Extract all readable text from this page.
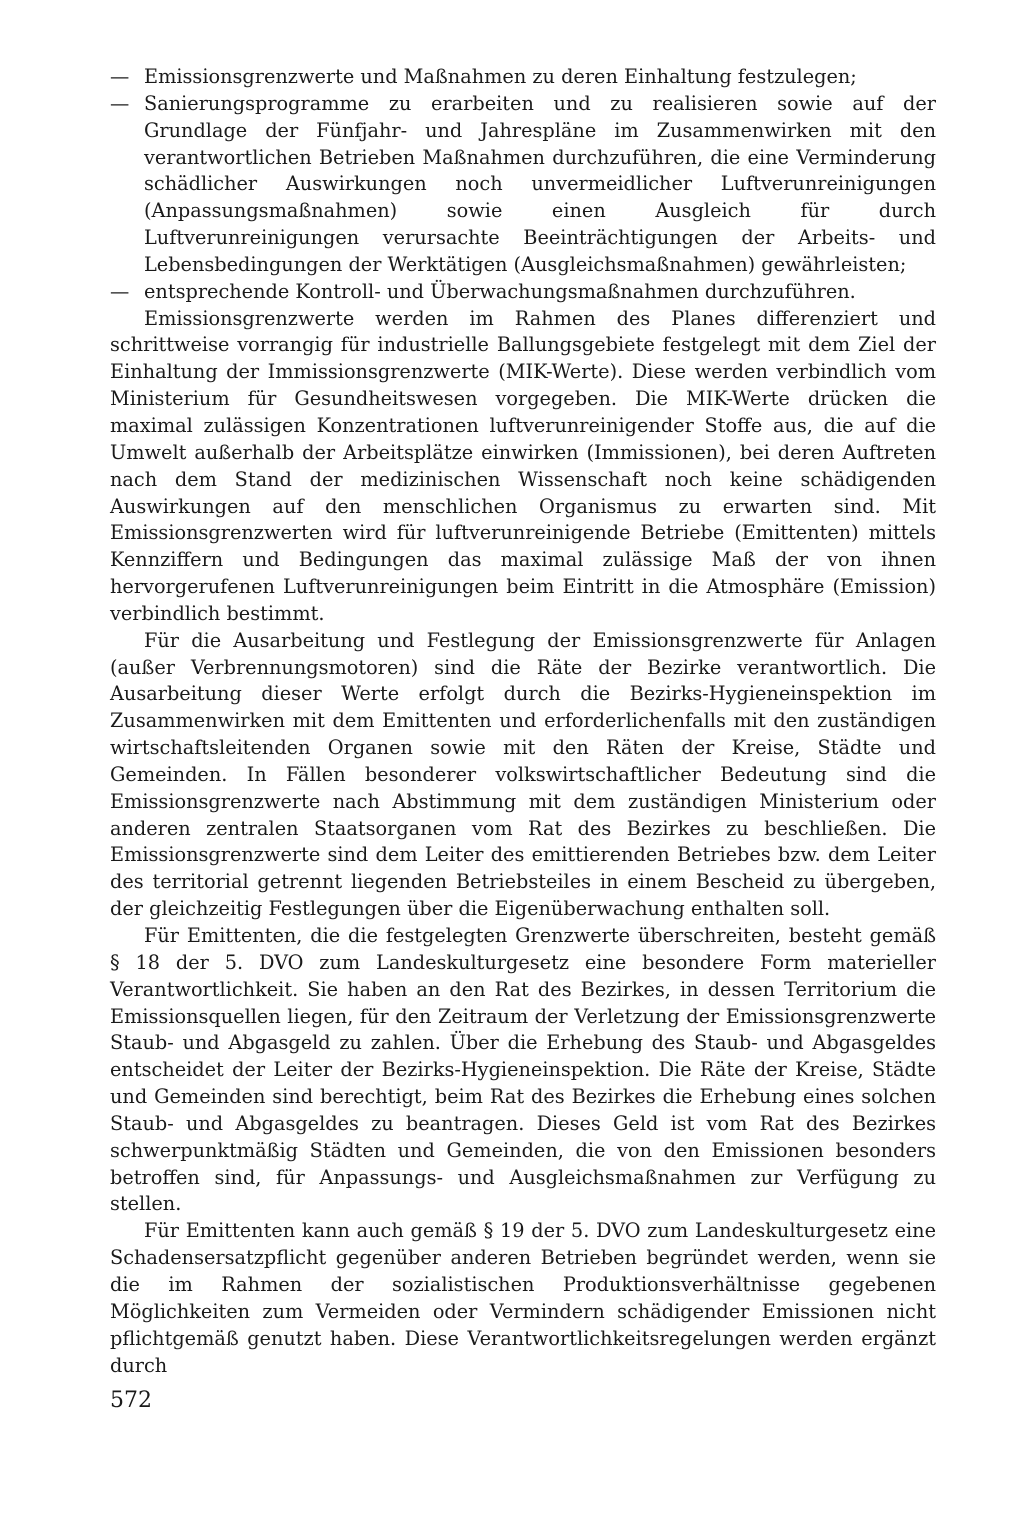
— Emissionsgrenzwerte und Maßnahmen zu deren Einhaltung festzulegen;
— Sanierungsprogramme zu erarbeiten und zu realisieren sowie auf der Grundlage der Fünfjahr- und Jahrespläne im Zusammenwirken mit den verantwortlichen Betrieben Maßnahmen durchzuführen, die eine Verminderung schädlicher Auswirkungen noch unvermeidlicher Luftverunreinigungen (Anpassungsmaßnahmen) sowie einen Ausgleich für durch Luftverunreinigungen verursachte Beeinträchtigungen der Arbeits- und Lebensbedingungen der Werktätigen (Ausgleichsmaßnahmen) gewährleisten;
— entsprechende Kontroll- und Überwachungsmaßnahmen durchzuführen.

Emissionsgrenzwerte werden im Rahmen des Planes differenziert und schrittweise vorrangig für industrielle Ballungsgebiete festgelegt mit dem Ziel der Einhaltung der Immissionsgrenzwerte (MIK-Werte). Diese werden verbindlich vom Ministerium für Gesundheitswesen vorgegeben. Die MIK-Werte drücken die maximal zulässigen Konzentrationen luftverunreinigender Stoffe aus, die auf die Umwelt außerhalb der Arbeitsplätze einwirken (Immissionen), bei deren Auftreten nach dem Stand der medizinischen Wissenschaft noch keine schädigenden Auswirkungen auf den menschlichen Organismus zu erwarten sind. Mit Emissionsgrenzwerten wird für luftverunreinigende Betriebe (Emittenten) mittels Kennziffern und Bedingungen das maximal zulässige Maß der von ihnen hervorgerufenen Luftverunreinigungen beim Eintritt in die Atmosphäre (Emission) verbindlich bestimmt.

Für die Ausarbeitung und Festlegung der Emissionsgrenzwerte für Anlagen (außer Verbrennungsmotoren) sind die Räte der Bezirke verantwortlich. Die Ausarbeitung dieser Werte erfolgt durch die Bezirks-Hygieneinspektion im Zusammenwirken mit dem Emittenten und erforderlichenfalls mit den zuständigen wirtschaftsleitenden Organen sowie mit den Räten der Kreise, Städte und Gemeinden. In Fällen besonderer volkswirtschaftlicher Bedeutung sind die Emissionsgrenzwerte nach Abstimmung mit dem zuständigen Ministerium oder anderen zentralen Staatsorganen vom Rat des Bezirkes zu beschließen. Die Emissionsgrenzwerte sind dem Leiter des emittierenden Betriebes bzw. dem Leiter des territorial getrennt liegenden Betriebsteiles in einem Bescheid zu übergeben, der gleichzeitig Festlegungen über die Eigenüberwachung enthalten soll.

Für Emittenten, die die festgelegten Grenzwerte überschreiten, besteht gemäß § 18 der 5. DVO zum Landeskulturgesetz eine besondere Form materieller Verantwortlichkeit. Sie haben an den Rat des Bezirkes, in dessen Territorium die Emissionsquellen liegen, für den Zeitraum der Verletzung der Emissionsgrenzwerte Staub- und Abgasgeld zu zahlen. Über die Erhebung des Staub- und Abgasgeldes entscheidet der Leiter der Bezirks-Hygieneinspektion. Die Räte der Kreise, Städte und Gemeinden sind berechtigt, beim Rat des Bezirkes die Erhebung eines solchen Staub- und Abgasgeldes zu beantragen. Dieses Geld ist vom Rat des Bezirkes schwerpunktmäßig Städten und Gemeinden, die von den Emissionen besonders betroffen sind, für Anpassungs- und Ausgleichsmaßnahmen zur Verfügung zu stellen.

Für Emittenten kann auch gemäß § 19 der 5. DVO zum Landeskulturgesetz eine Schadensersatzpflicht gegenüber anderen Betrieben begründet werden, wenn sie die im Rahmen der sozialistischen Produktionsverhältnisse gegebenen Möglichkeiten zum Vermeiden oder Vermindern schädigender Emissionen nicht pflichtgemäß genutzt haben. Diese Verantwortlichkeitsregelungen werden ergänzt durch

572
